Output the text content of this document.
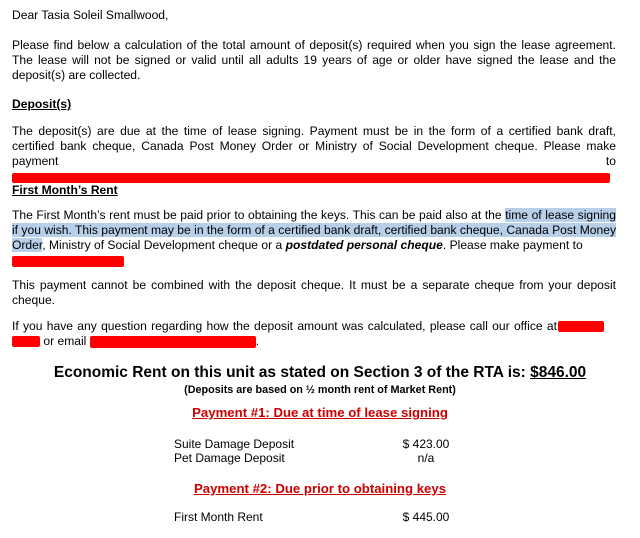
Dear Tasia Soleil Smallwood,
Please find below a calculation of the total amount of deposit(s) required when you sign the lease agreement. The lease will not be signed or valid until all adults 19 years of age or older have signed the lease and the deposit(s) are collected.
Deposit(s)
The deposit(s) are due at the time of lease signing. Payment must be in the form of a certified bank draft, certified bank cheque, Canada Post Money Order or Ministry of Social Development cheque. Please make payment to
First Month’s Rent
The First Month’s rent must be paid prior to obtaining the keys. This can be paid also at the time of lease signing if you wish. This payment may be in the form of a certified bank draft, certified bank cheque, Canada Post Money Order, Ministry of Social Development cheque or a postdated personal cheque. Please make payment to
This payment cannot be combined with the deposit cheque. It must be a separate cheque from your deposit cheque.
If you have any question regarding how the deposit amount was calculated, please call our office at
or email	.
Economic Rent on this unit as stated on Section 3 of the RTA is: $846.00
(Deposits are based on ½ month rent of Market Rent)
Payment #1: Due at time of lease signing
Suite Damage Deposit	$ 423.00
Pet Damage Deposit	n/a
Payment #2: Due prior to obtaining keys
First Month Rent	$ 445.00
